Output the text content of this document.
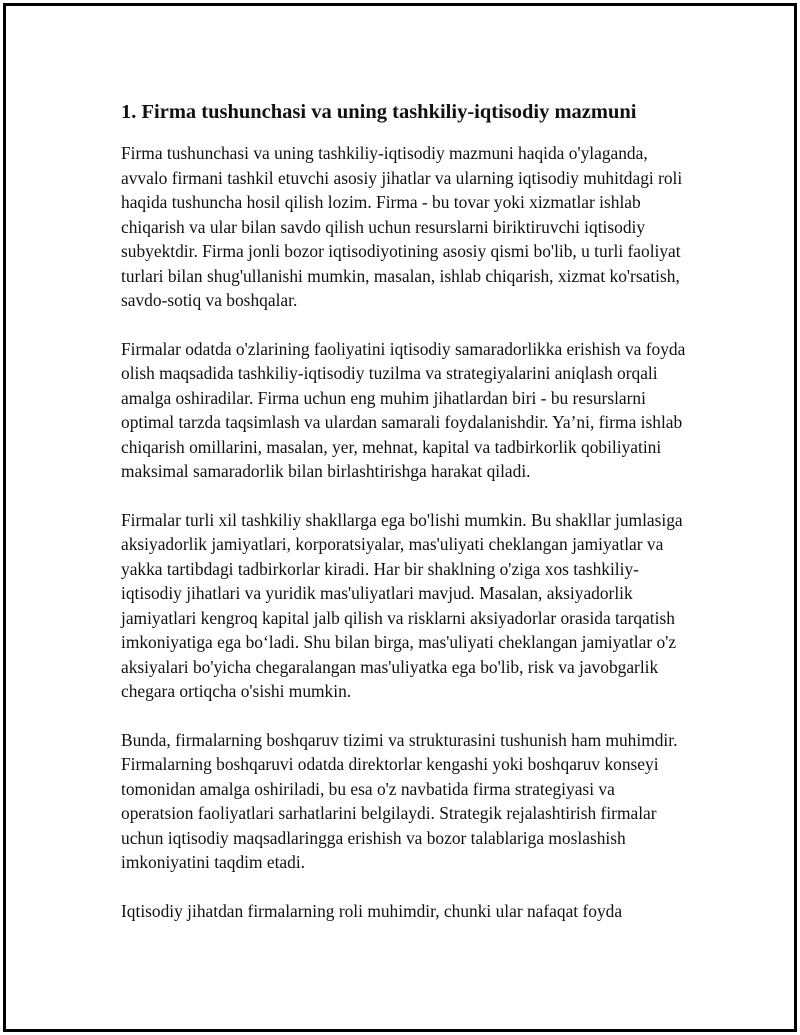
1. Firma tushunchasi va uning tashkiliy-iqtisodiy mazmuni

Firma tushunchasi va uning tashkiliy-iqtisodiy mazmuni haqida o'ylaganda, avvalo firmani tashkil etuvchi asosiy jihatlar va ularning iqtisodiy muhitdagi roli haqida tushuncha hosil qilish lozim. Firma - bu tovar yoki xizmatlar ishlab chiqarish va ular bilan savdo qilish uchun resurslarni biriktiruvchi iqtisodiy subyektdir. Firma jonli bozor iqtisodiyotining asosiy qismi bo'lib, u turli faoliyat turlari bilan shug'ullanishi mumkin, masalan, ishlab chiqarish, xizmat ko'rsatish, savdo-sotiq va boshqalar.

Firmalar odatda o'zlarining faoliyatini iqtisodiy samaradorlikka erishish va foyda olish maqsadida tashkiliy-iqtisodiy tuzilma va strategiyalarini aniqlash orqali amalga oshiradilar. Firma uchun eng muhim jihatlardan biri - bu resurslarni optimal tarzda taqsimlash va ulardan samarali foydalanishdir. Ya’ni, firma ishlab chiqarish omillarini, masalan, yer, mehnat, kapital va tadbirkorlik qobiliyatini maksimal samaradorlik bilan birlashtirishga harakat qiladi.

Firmalar turli xil tashkiliy shakllarga ega bo'lishi mumkin. Bu shakllar jumlasiga aksiyadorlik jamiyatlari, korporatsiyalar, mas'uliyati cheklangan jamiyatlar va yakka tartibdagi tadbirkorlar kiradi. Har bir shaklning o'ziga xos tashkiliy-iqtisodiy jihatlari va yuridik mas'uliyatlari mavjud. Masalan, aksiyadorlik jamiyatlari kengroq kapital jalb qilish va risklarni aksiyadorlar orasida tarqatish imkoniyatiga ega bo‘ladi. Shu bilan birga, mas'uliyati cheklangan jamiyatlar o'z aksiyalari bo'yicha chegaralangan mas'uliyatka ega bo'lib, risk va javobgarlik chegara ortiqcha o'sishi mumkin.

Bunda, firmalarning boshqaruv tizimi va strukturasini tushunish ham muhimdir. Firmalarning boshqaruvi odatda direktorlar kengashi yoki boshqaruv konseyi tomonidan amalga oshiriladi, bu esa o'z navbatida firma strategiyasi va operatsion faoliyatlari sarhatlarini belgilaydi. Strategik rejalashtirish firmalar uchun iqtisodiy maqsadlaringga erishish va bozor talablariga moslashish imkoniyatini taqdim etadi.

Iqtisodiy jihatdan firmalarning roli muhimdir, chunki ular nafaqat foyda
